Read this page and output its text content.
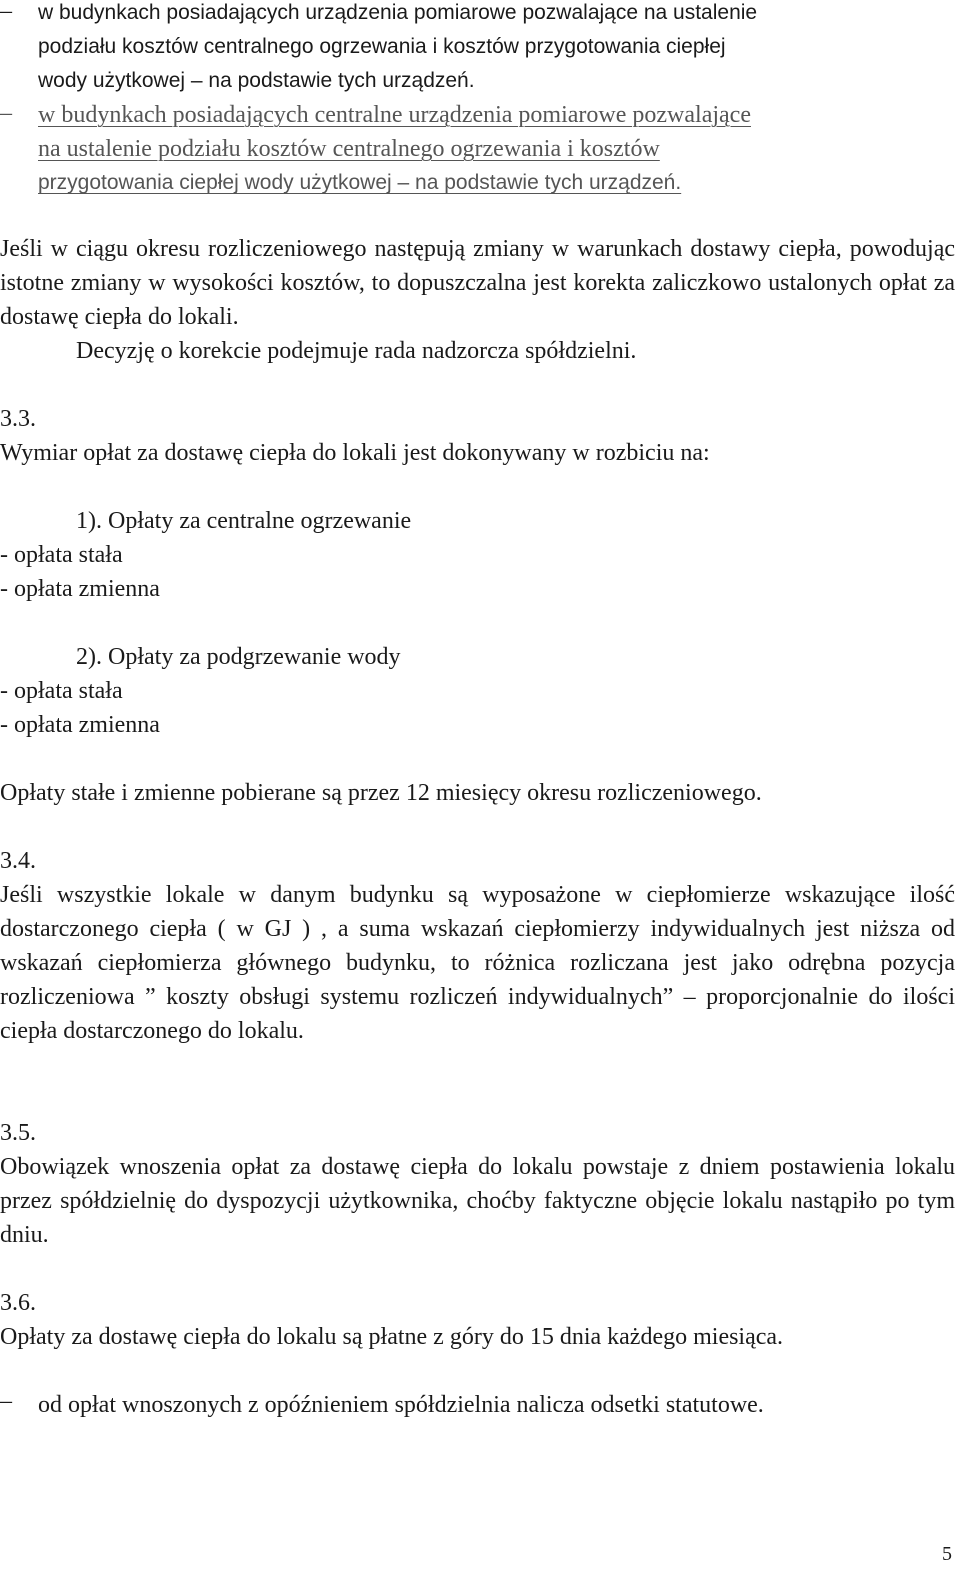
–	w budynkach posiadających urządzenia pomiarowe pozwalające na ustalenie
podziału kosztów centralnego ogrzewania i kosztów przygotowania ciepłej
wody użytkowej – na podstawie tych urządzeń.
–	w budynkach posiadających centralne urządzenia pomiarowe pozwalające
na ustalenie podziału kosztów centralnego ogrzewania i kosztów
przygotowania ciepłej wody użytkowej – na podstawie tych urządzeń.

Jeśli w ciągu okresu rozliczeniowego następują zmiany w warunkach dostawy ciepła, powodując istotne zmiany w wysokości kosztów, to dopuszczalna jest korekta zaliczkowo ustalonych opłat za dostawę ciepła do lokali.

Decyzję o korekcie podejmuje rada nadzorcza spółdzielni.
3.3.
Wymiar opłat za dostawę ciepła do lokali jest dokonywany w rozbiciu na:
1). Opłaty za centralne ogrzewanie
- opłata stała
- opłata zmienna
2). Opłaty za podgrzewanie wody
- opłata stała
- opłata zmienna
Opłaty stałe i zmienne pobierane są przez 12 miesięcy okresu rozliczeniowego.
3.4.

Jeśli wszystkie lokale w danym budynku są wyposażone w ciepłomierze wskazujące ilość dostarczonego ciepła ( w GJ ) , a suma wskazań ciepłomierzy indywidualnych jest niższa od wskazań ciepłomierza głównego budynku, to różnica rozliczana jest jako odrębna pozycja rozliczeniowa ” koszty obsługi systemu rozliczeń indywidualnych” – proporcjonalnie do ilości ciepła dostarczonego do lokalu.

3.5.

Obowiązek wnoszenia opłat za dostawę ciepła do lokalu powstaje z dniem postawienia lokalu przez spółdzielnię do dyspozycji użytkownika, choćby faktyczne objęcie lokalu nastąpiło po tym dniu.

3.6.

Opłaty za dostawę ciepła do lokalu są płatne z góry do 15 dnia każdego miesiąca.

–	od opłat wnoszonych z opóźnieniem spółdzielnia nalicza odsetki statutowe.
5
